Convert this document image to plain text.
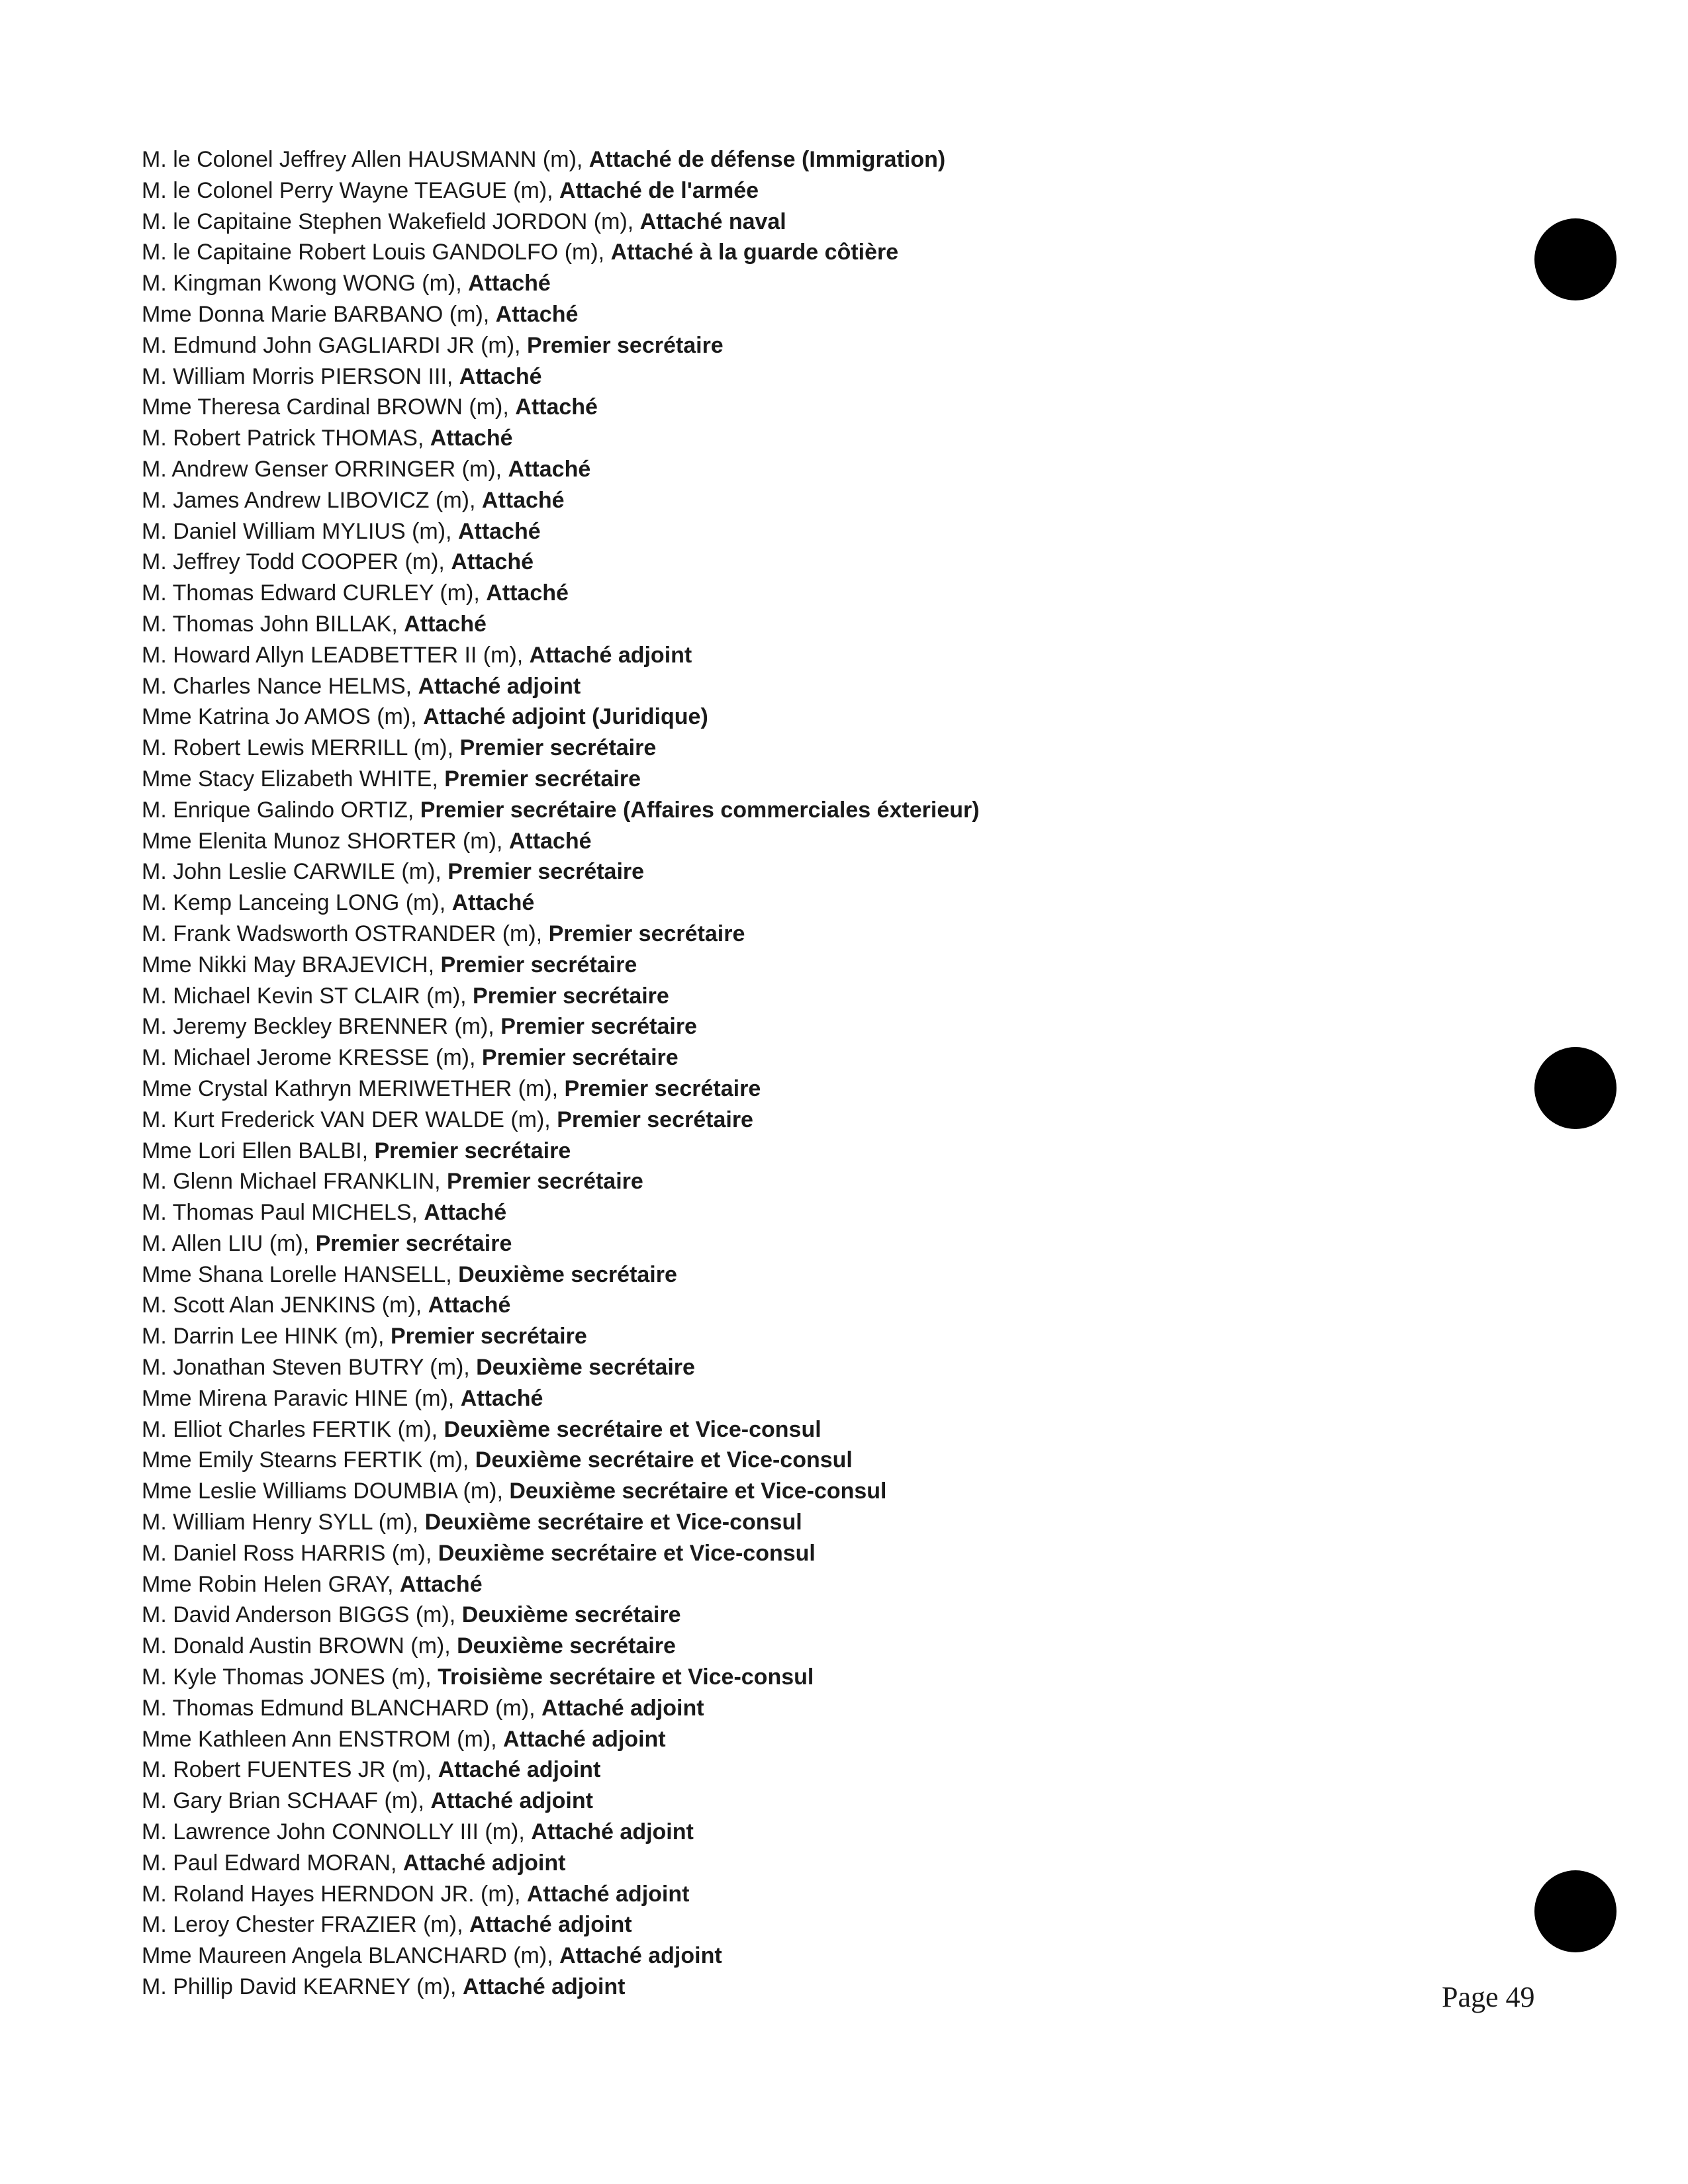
M. le Colonel Jeffrey Allen HAUSMANN (m), Attaché de défense (Immigration)
M. le Colonel Perry Wayne TEAGUE (m), Attaché de l'armée
M. le Capitaine Stephen Wakefield JORDON (m), Attaché naval
M. le Capitaine Robert Louis GANDOLFO (m), Attaché à la guarde côtière
M. Kingman Kwong WONG (m), Attaché
Mme Donna Marie BARBANO (m), Attaché
M. Edmund John GAGLIARDI JR (m), Premier secrétaire
M. William Morris PIERSON III, Attaché
Mme Theresa Cardinal BROWN (m), Attaché
M. Robert Patrick THOMAS, Attaché
M. Andrew Genser ORRINGER (m), Attaché
M. James Andrew LIBOVICZ (m), Attaché
M. Daniel William MYLIUS (m), Attaché
M. Jeffrey Todd COOPER (m), Attaché
M. Thomas Edward CURLEY (m), Attaché
M. Thomas John BILLAK, Attaché
M. Howard Allyn LEADBETTER II (m), Attaché adjoint
M. Charles Nance HELMS, Attaché adjoint
Mme Katrina Jo AMOS (m), Attaché adjoint (Juridique)
M. Robert Lewis MERRILL (m), Premier secrétaire
Mme Stacy Elizabeth WHITE, Premier secrétaire
M. Enrique Galindo ORTIZ, Premier secrétaire (Affaires commerciales éxterieur)
Mme Elenita Munoz SHORTER (m), Attaché
M. John Leslie CARWILE (m), Premier secrétaire
M. Kemp Lanceing LONG (m), Attaché
M. Frank Wadsworth OSTRANDER (m), Premier secrétaire
Mme Nikki May BRAJEVICH, Premier secrétaire
M. Michael Kevin ST CLAIR (m), Premier secrétaire
M. Jeremy Beckley BRENNER (m), Premier secrétaire
M. Michael Jerome KRESSE (m), Premier secrétaire
Mme Crystal Kathryn MERIWETHER (m), Premier secrétaire
M. Kurt Frederick VAN DER WALDE (m), Premier secrétaire
Mme Lori Ellen BALBI, Premier secrétaire
M. Glenn Michael FRANKLIN, Premier secrétaire
M. Thomas Paul MICHELS, Attaché
M. Allen LIU (m), Premier secrétaire
Mme Shana Lorelle HANSELL, Deuxième secrétaire
M. Scott Alan JENKINS (m), Attaché
M. Darrin Lee HINK (m), Premier secrétaire
M. Jonathan Steven BUTRY (m), Deuxième secrétaire
Mme Mirena Paravic HINE (m), Attaché
M. Elliot Charles FERTIK (m), Deuxième secrétaire et Vice-consul
Mme Emily Stearns FERTIK (m), Deuxième secrétaire et Vice-consul
Mme Leslie Williams DOUMBIA (m), Deuxième secrétaire et Vice-consul
M. William Henry SYLL (m), Deuxième secrétaire et Vice-consul
M. Daniel Ross HARRIS (m), Deuxième secrétaire et Vice-consul
Mme Robin Helen GRAY, Attaché
M. David Anderson BIGGS (m), Deuxième secrétaire
M. Donald Austin BROWN (m), Deuxième secrétaire
M. Kyle Thomas JONES (m), Troisième secrétaire et Vice-consul
M. Thomas Edmund BLANCHARD (m), Attaché adjoint
Mme Kathleen Ann ENSTROM (m), Attaché adjoint
M. Robert FUENTES JR (m), Attaché adjoint
M. Gary Brian SCHAAF (m), Attaché adjoint
M. Lawrence John CONNOLLY III (m), Attaché adjoint
M. Paul Edward MORAN, Attaché adjoint
M. Roland Hayes HERNDON JR. (m), Attaché adjoint
M. Leroy Chester FRAZIER (m), Attaché adjoint
Mme Maureen Angela BLANCHARD (m), Attaché adjoint
M. Phillip David KEARNEY (m), Attaché adjoint	Page 49
